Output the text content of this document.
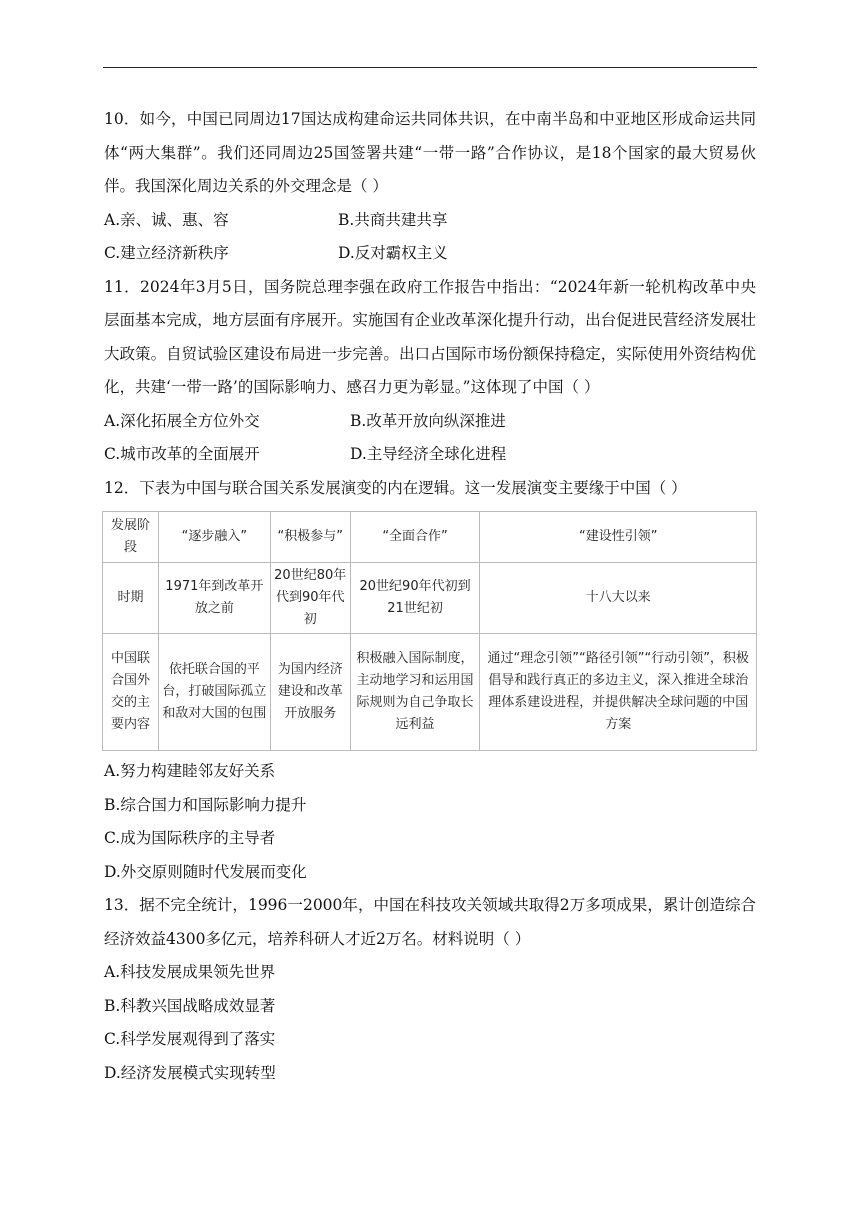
10．如今，中国已同周边17国达成构建命运共同体共识，在中南半岛和中亚地区形成命运共同体“两大集群”。我们还同周边25国签署共建“一带一路”合作协议，是18个国家的最大贸易伙伴。我国深化周边关系的外交理念是（ ）

A.亲、诚、惠、容	B.共商共建共享
C.建立经济新秩序	D.反对霸权主义

11．2024年3月5日，国务院总理李强在政府工作报告中指出：“2024年新一轮机构改革中央层面基本完成，地方层面有序展开。实施国有企业改革深化提升行动，出台促进民营经济发展壮大政策。自贸试验区建设布局进一步完善。出口占国际市场份额保持稳定，实际使用外资结构优化，共建‘一带一路’的国际影响力、感召力更为彰显。”这体现了中国（ ）

A.深化拓展全方位外交	B.改革开放向纵深推进
C.城市改革的全面展开	D.主导经济全球化进程

12．下表为中国与联合国关系发展演变的内在逻辑。这一发展演变主要缘于中国（ ）

发展阶段	“逐步融入”	“积极参与”	“全面合作”	“建设性引领”
时期	1971年到改革开放之前	20世纪80年代到90年代初	20世纪90年代初到21世纪初	十八大以来
中国联合国外交的主要内容	依托联合国的平台，打破国际孤立和敌对大国的包围	为国内经济建设和改革开放服务	积极融入国际制度，主动地学习和运用国际规则为自己争取长远利益	通过“理念引领”“路径引领”“行动引领”，积极倡导和践行真正的多边主义，深入推进全球治理体系建设进程，并提供解决全球问题的中国方案

A.努力构建睦邻友好关系

B.综合国力和国际影响力提升

C.成为国际秩序的主导者

D.外交原则随时代发展而变化

13．据不完全统计，1996一2000年，中国在科技攻关领域共取得2万多项成果，累计创造综合经济效益4300多亿元，培养科研人才近2万名。材料说明（ ）

A.科技发展成果领先世界

B.科教兴国战略成效显著

C.科学发展观得到了落实

D.经济发展模式实现转型
